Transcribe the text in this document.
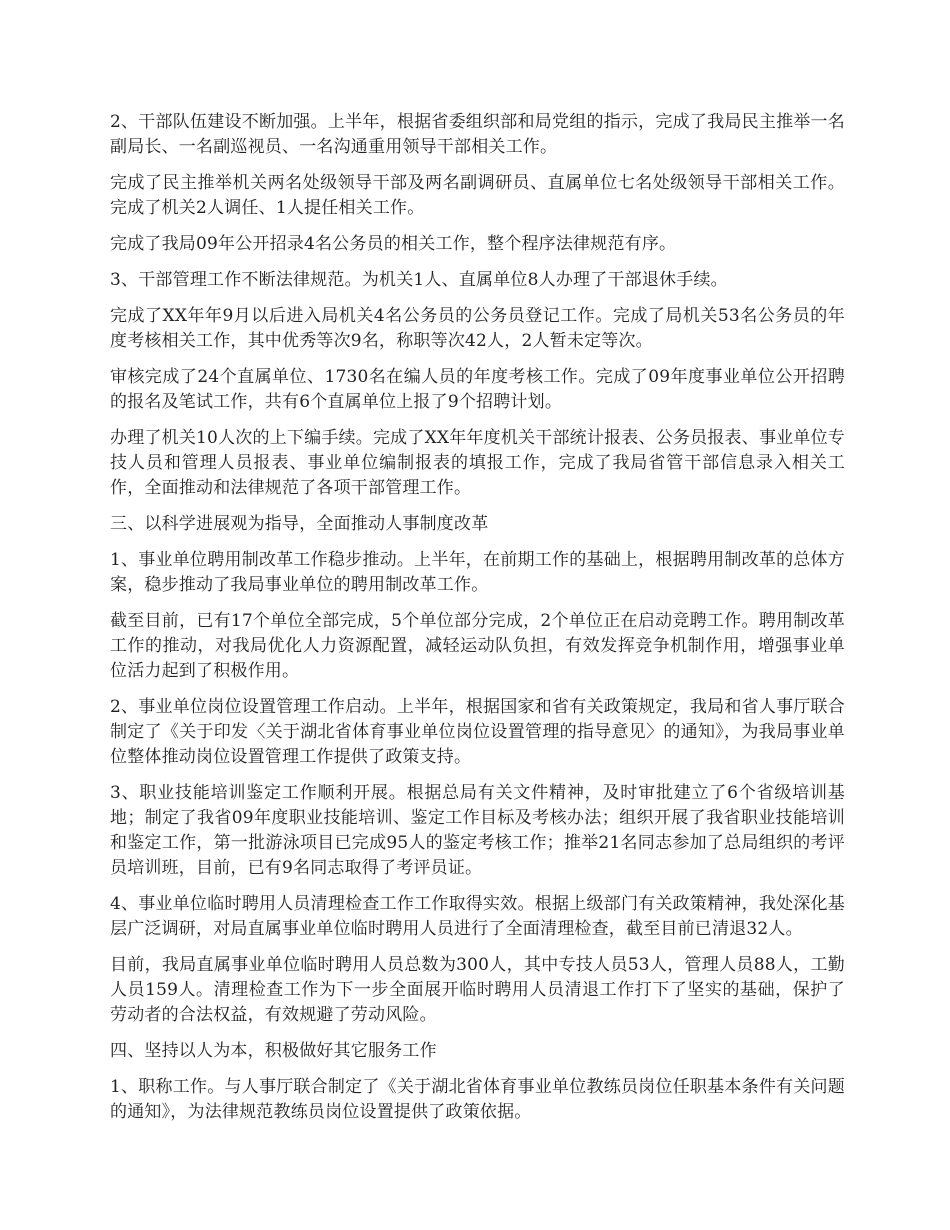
2、干部队伍建设不断加强。上半年，根据省委组织部和局党组的指示，完成了我局民主推举一名副局长、一名副巡视员、一名沟通重用领导干部相关工作。

完成了民主推举机关两名处级领导干部及两名副调研员、直属单位七名处级领导干部相关工作。完成了机关2人调任、1人提任相关工作。

完成了我局09年公开招录4名公务员的相关工作，整个程序法律规范有序。

3、干部管理工作不断法律规范。为机关1人、直属单位8人办理了干部退休手续。

完成了XX年年9月以后进入局机关4名公务员的公务员登记工作。完成了局机关53名公务员的年度考核相关工作，其中优秀等次9名，称职等次42人，2人暂未定等次。

审核完成了24个直属单位、1730名在编人员的年度考核工作。完成了09年度事业单位公开招聘的报名及笔试工作，共有6个直属单位上报了9个招聘计划。

办理了机关10人次的上下编手续。完成了XX年年度机关干部统计报表、公务员报表、事业单位专技人员和管理人员报表、事业单位编制报表的填报工作，完成了我局省管干部信息录入相关工作，全面推动和法律规范了各项干部管理工作。

三、以科学进展观为指导，全面推动人事制度改革

1、事业单位聘用制改革工作稳步推动。上半年，在前期工作的基础上，根据聘用制改革的总体方案，稳步推动了我局事业单位的聘用制改革工作。

截至目前，已有17个单位全部完成，5个单位部分完成，2个单位正在启动竞聘工作。聘用制改革工作的推动，对我局优化人力资源配置，减轻运动队负担，有效发挥竞争机制作用，增强事业单位活力起到了积极作用。

2、事业单位岗位设置管理工作启动。上半年，根据国家和省有关政策规定，我局和省人事厅联合制定了《关于印发〈关于湖北省体育事业单位岗位设置管理的指导意见〉的通知》，为我局事业单位整体推动岗位设置管理工作提供了政策支持。

3、职业技能培训鉴定工作顺利开展。根据总局有关文件精神，及时审批建立了6个省级培训基地；制定了我省09年度职业技能培训、鉴定工作目标及考核办法；组织开展了我省职业技能培训和鉴定工作，第一批游泳项目已完成95人的鉴定考核工作；推举21名同志参加了总局组织的考评员培训班，目前，已有9名同志取得了考评员证。

4、事业单位临时聘用人员清理检查工作工作取得实效。根据上级部门有关政策精神，我处深化基层广泛调研，对局直属事业单位临时聘用人员进行了全面清理检查，截至目前已清退32人。

目前，我局直属事业单位临时聘用人员总数为300人，其中专技人员53人，管理人员88人，工勤人员159人。清理检查工作为下一步全面展开临时聘用人员清退工作打下了坚实的基础，保护了劳动者的合法权益，有效规避了劳动风险。

四、坚持以人为本，积极做好其它服务工作

1、职称工作。与人事厅联合制定了《关于湖北省体育事业单位教练员岗位任职基本条件有关问题的通知》，为法律规范教练员岗位设置提供了政策依据。
